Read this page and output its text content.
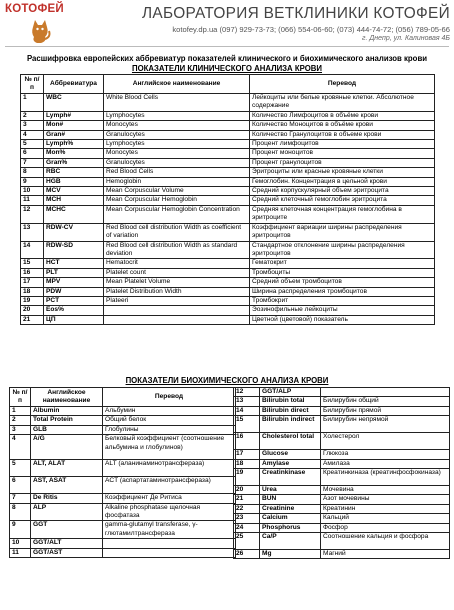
КОТОФЕЙ	ЛАБОРАТОРИЯ ВЕТКЛИНИКИ КОТОФЕЙ
kotofey.dp.ua (097) 929-73-73; (066) 554-06-60; (073) 444-74-72; (056) 789-05-66
г. Днепр, ул. Калиновая 4Б
Расшифровка европейских аббревиатур показателей клинического и биохимического анализов крови
ПОКАЗАТЕЛИ КЛИНИЧЕСКОГО АНАЛИЗА КРОВИ
№ п/п	Аббревиатура	Английское наименование	Перевод
1	WBC	White Blood Cells	Лейкоциты или белые кровяные клетки. Абсолютное содержание
2	Lymph#	Lymphocytes	Количество Лимфоцитов в объёме крови
3	Mon#	Monocytes	Количество Моноцитов в объёме крови
4	Gran#	Granulocytes	Количество Гранулоцитов в объеме крови
5	Lymph%	Lymphocytes	Процент лимфоцитов
6	Mon%	Monocytes	Процент моноцитов
7	Gran%	Granulocytes	Процент гранулоцитов
8	RBC	Red Blood Cells	Эритроциты или красные кровяные клетки
9	HGB	Hemoglobin	Гемоглобин. Концентрация в цельной крови
10	MCV	Mean Corpuscular Volume	Средний корпускулярный объем эритроцита
11	MCH	Mean Corpuscular Hemoglobin	Средний клеточный гемоглобин эритроцита
12	MCHC	Mean Corpuscular Hemoglobin Concentration	Средняя клеточная концентрация гемоглобина в эритроците
13	RDW-CV	Red Blood cell distribution Width as coefficient of variation	Коэффициент вариации ширины распределения эритроцитов
14	RDW-SD	Red Blood cell distribution Width as standard deviation	Стандартное отклонение ширины распределения эритроцитов
15	HCT	Hematocrit	Гематокрит
16	PLT	Platelet count	Тромбоциты
17	MPV	Mean Platelet Volume	Средний объем тромбоцитов
18	PDW	Platelet Distribution Width	Ширина распределения тромбоцитов
19	PCT	Plateerі	Тромбокрит
20	Eos%		Эозинофильные лейкоциты
21	ЦП		Цветной (цветовой) показатель
ПОКАЗАТЕЛИ БИОХИМИЧЕСКОГО АНАЛИЗА КРОВИ
№ п/п	Английское наименование	Перевод
1	Albumin	Альбумин
2	Total Protein	Общий белок
3	GLB	Глобулины
4	A/G	Белковый коэффициент (соотношение альбумина и глобулинов)
5	ALT, ALAT	ALT (аланинаминотрансфераза)
6	AST, ASAT	ACT (аспартатаминотрансфераза)
7	De Ritis	Коэффициент Де Ритиса
8	ALP	Alkaline phosphatase щелочная фосфатаза
9	GGT	gamma-glutamyl transferase, γ-глютамилтрансфераза
10	GGT/ALT	
11	GGT/AST	
12	GGT/ALP	
13	Bilirubin total	Билирубин общий
14	Bilirubin direct	Билирубин прямой
15	Bilirubin indirect	Билирубин непрямой
16	Cholesterol total	Холестерол
17	Glucose	Глюкоза
18	Amylase	Амилаза
19	Creatinkinase	Креатинкиназа (креатинфосфокиназа)
20	Urea	Мочевина
21	BUN	Азот мочевины
22	Creatinine	Креатинин
23	Calcium	Кальций
24	Phosphorus	Фосфор
25	Ca/P	Соотношение кальция и фосфора
26	Mg	Магний
